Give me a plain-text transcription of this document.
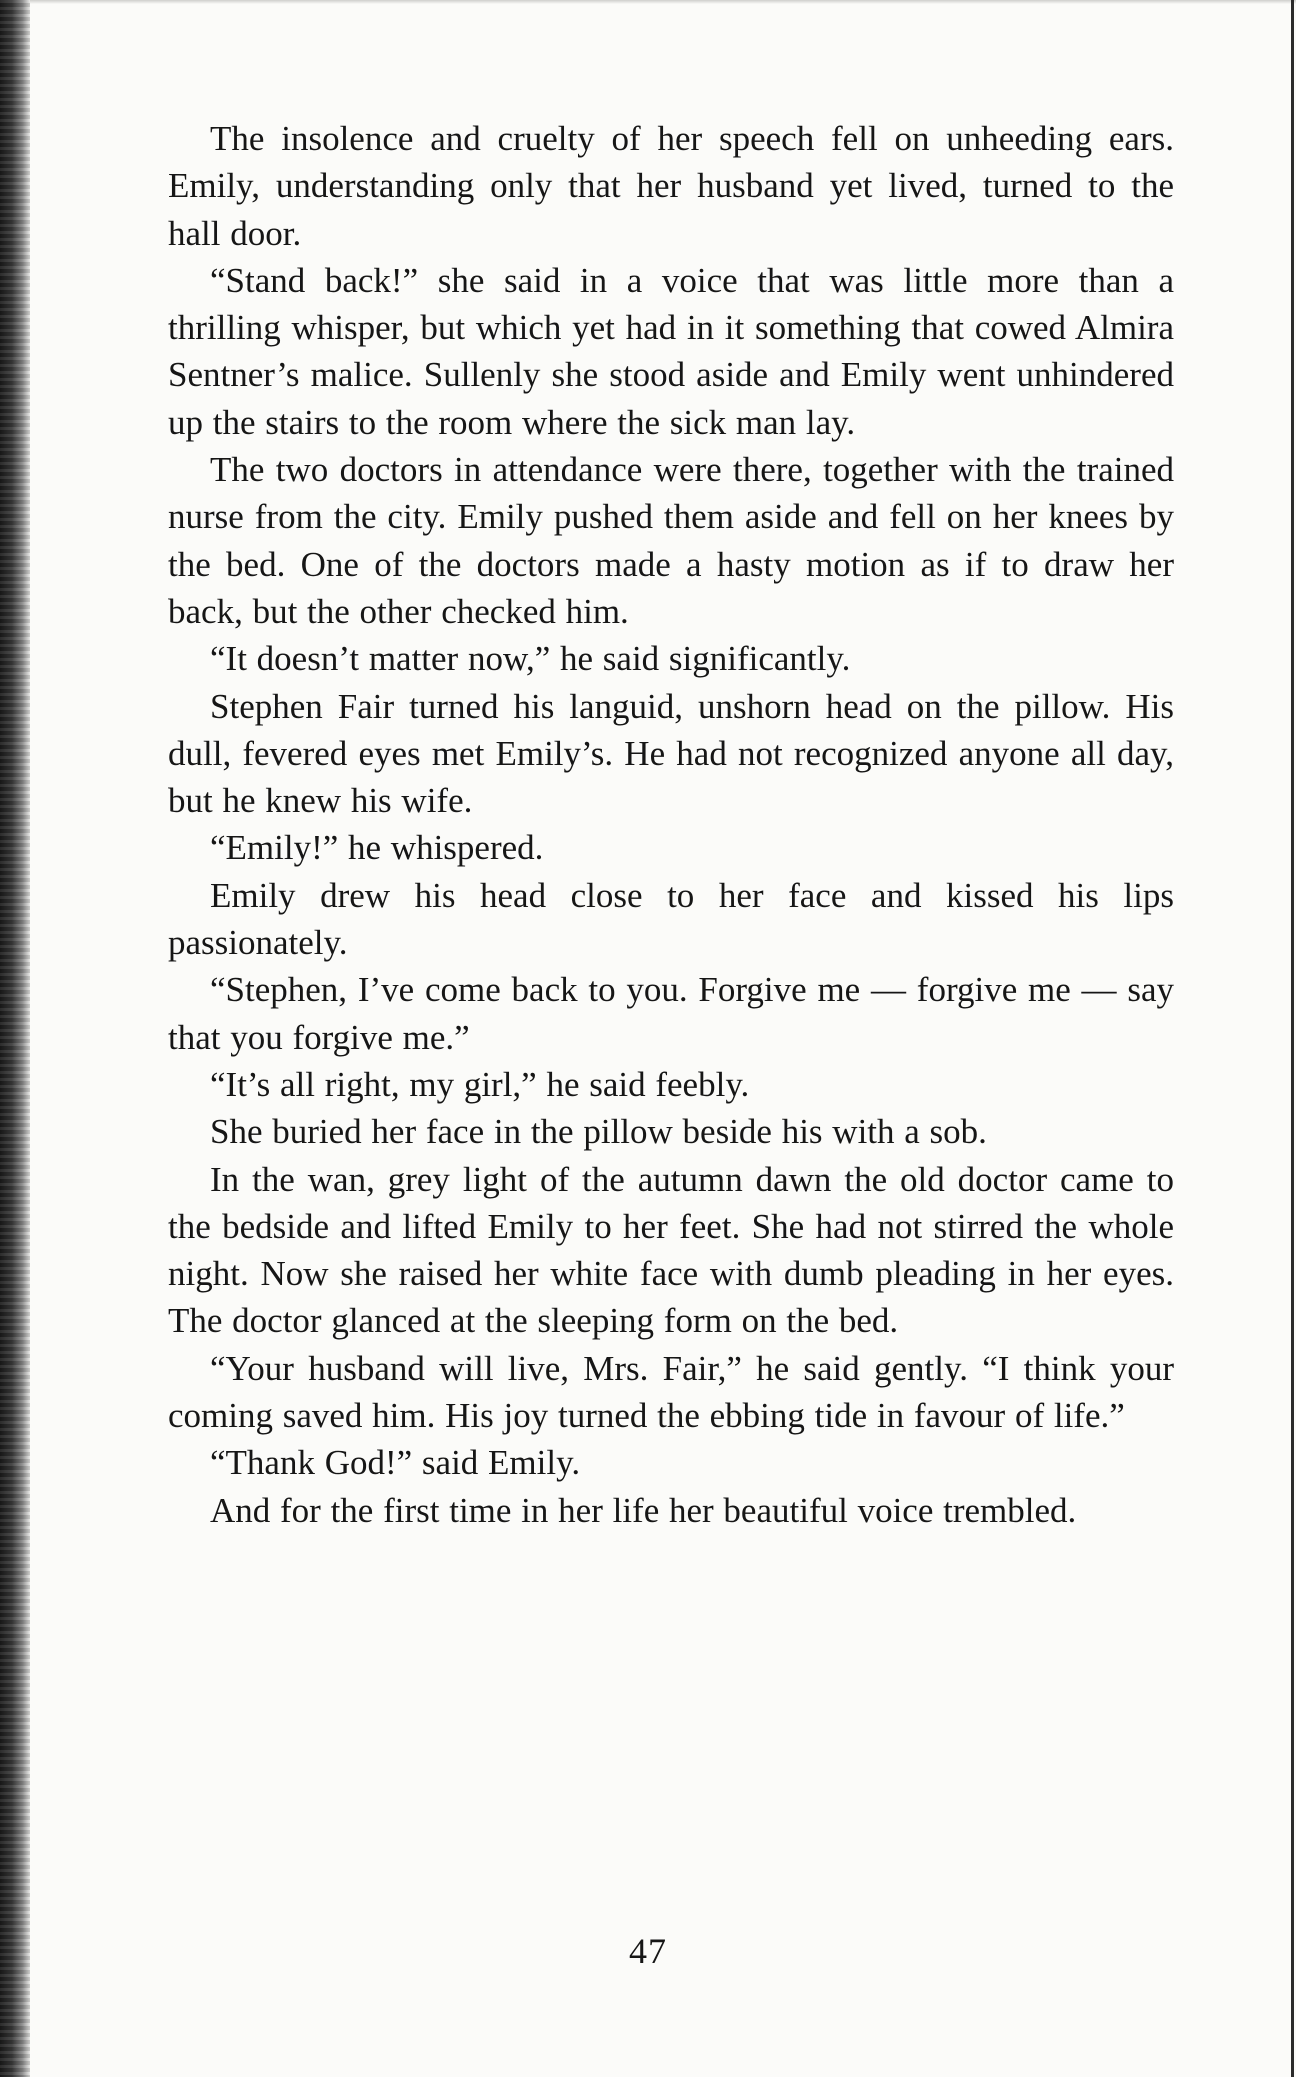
The insolence and cruelty of her speech fell on unheeding ears. Emily, understanding only that her husband yet lived, turned to the hall door.

“Stand back!” she said in a voice that was little more than a thrilling whisper, but which yet had in it something that cowed Almira Sentner’s malice. Sullenly she stood aside and Emily went unhindered up the stairs to the room where the sick man lay.

The two doctors in attendance were there, together with the trained nurse from the city. Emily pushed them aside and fell on her knees by the bed. One of the doctors made a hasty motion as if to draw her back, but the other checked him.

“It doesn’t matter now,” he said significantly.

Stephen Fair turned his languid, unshorn head on the pillow. His dull, fevered eyes met Emily’s. He had not recognized anyone all day, but he knew his wife.

“Emily!” he whispered.

Emily drew his head close to her face and kissed his lips passionately.

“Stephen, I’ve come back to you. Forgive me — forgive me — say that you forgive me.”

“It’s all right, my girl,” he said feebly.

She buried her face in the pillow beside his with a sob.

In the wan, grey light of the autumn dawn the old doctor came to the bedside and lifted Emily to her feet. She had not stirred the whole night. Now she raised her white face with dumb pleading in her eyes. The doctor glanced at the sleeping form on the bed.

“Your husband will live, Mrs. Fair,” he said gently. “I think your coming saved him. His joy turned the ebbing tide in favour of life.”

“Thank God!” said Emily.

And for the first time in her life her beautiful voice trembled.

47
